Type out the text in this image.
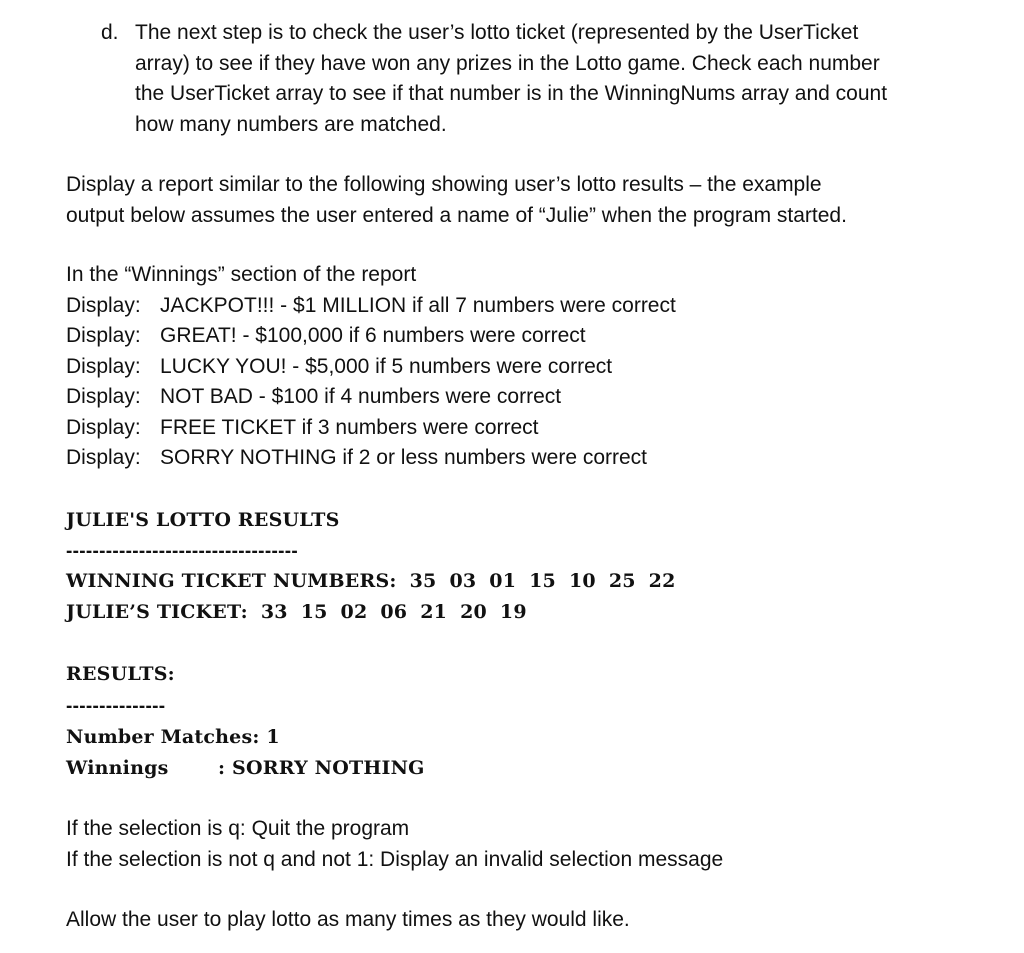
d. The next step is to check the user’s lotto ticket (represented by the UserTicket
array) to see if they have won any prizes in the Lotto game. Check each number
the UserTicket array to see if that number is in the WinningNums array and count
how many numbers are matched.
Display a report similar to the following showing user’s lotto results – the example
output below assumes the user entered a name of “Julie” when the program started.
In the “Winnings” section of the report
Display: JACKPOT!!! - $1 MILLION if all 7 numbers were correct
Display: GREAT! - $100,000 if 6 numbers were correct
Display: LUCKY YOU! - $5,000 if 5 numbers were correct
Display: NOT BAD - $100 if 4 numbers were correct
Display: FREE TICKET if 3 numbers were correct
Display: SORRY NOTHING if 2 or less numbers were correct
JULIE'S LOTTO RESULTS
-----------------------------------
WINNING TICKET NUMBERS: 35 03 01 15 10 25 22
JULIE’S TICKET: 33 15 02 06 21 20 19
RESULTS:
---------------
Number Matches: 1
Winnings	: SORRY NOTHING
If the selection is q: Quit the program
If the selection is not q and not 1: Display an invalid selection message
Allow the user to play lotto as many times as they would like.
